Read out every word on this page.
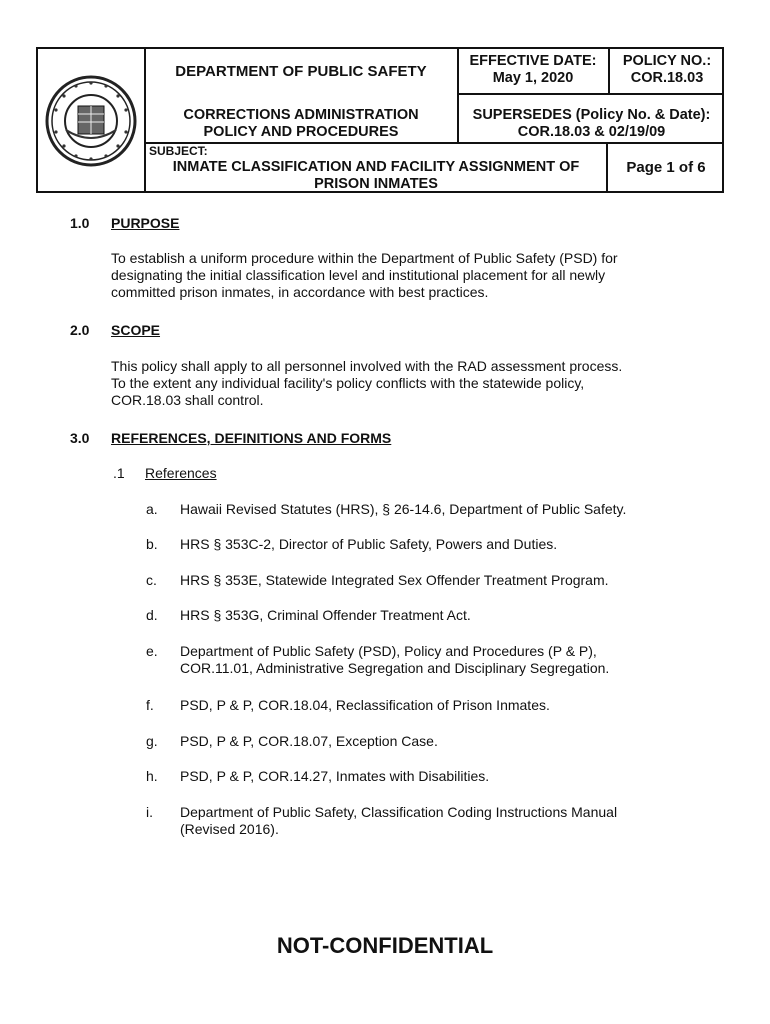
DEPARTMENT OF PUBLIC SAFETY
CORRECTIONS ADMINISTRATION
POLICY AND PROCEDURES
EFFECTIVE DATE:
May 1, 2020
POLICY NO.:
COR.18.03
SUPERSEDES (Policy No. & Date):
COR.18.03 & 02/19/09
SUBJECT:
INMATE CLASSIFICATION AND FACILITY ASSIGNMENT OF
PRISON INMATES
Page 1 of 6
1.0 PURPOSE
To establish a uniform procedure within the Department of Public Safety (PSD) for
designating the initial classification level and institutional placement for all newly
committed prison inmates, in accordance with best practices.
2.0 SCOPE
This policy shall apply to all personnel involved with the RAD assessment process.
To the extent any individual facility's policy conflicts with the statewide policy,
COR.18.03 shall control.
3.0 REFERENCES, DEFINITIONS AND FORMS
.1 References
a. Hawaii Revised Statutes (HRS), § 26-14.6, Department of Public Safety.
b. HRS § 353C-2, Director of Public Safety, Powers and Duties.
c. HRS § 353E, Statewide Integrated Sex Offender Treatment Program.
d. HRS § 353G, Criminal Offender Treatment Act.
e. Department of Public Safety (PSD), Policy and Procedures (P & P),
COR.11.01, Administrative Segregation and Disciplinary Segregation.
f. PSD, P & P, COR.18.04, Reclassification of Prison Inmates.
g. PSD, P & P, COR.18.07, Exception Case.
h. PSD, P & P, COR.14.27, Inmates with Disabilities.
i. Department of Public Safety, Classification Coding Instructions Manual
(Revised 2016).
NOT-CONFIDENTIAL
